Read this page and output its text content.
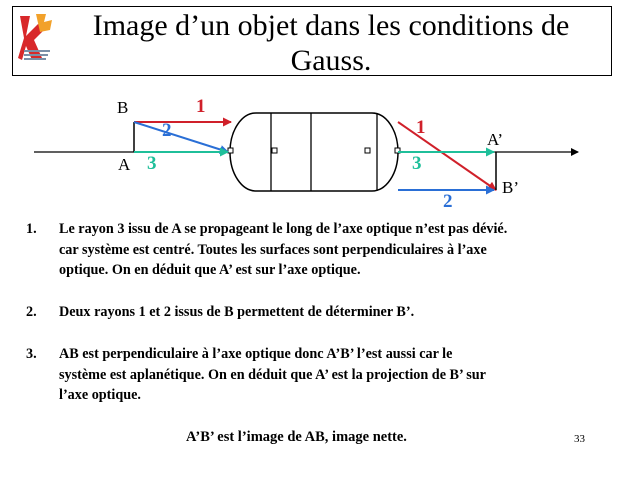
Image d’un objet dans les conditions de
Gauss.
B
A
A’
B’
1
2
3
1
3
2
1. Le rayon 3 issu de A se propageant le long de l’axe optique n’est pas dévié.
car système est centré. Toutes les surfaces sont perpendiculaires à l’axe
optique. On en déduit que A’ est sur l’axe optique.
2. Deux rayons 1 et 2 issus de B permettent de déterminer B’.
3. AB est perpendiculaire à l’axe optique donc A’B’ l’est aussi car le
système est aplanétique. On en déduit que A’ est la projection de B’ sur
l’axe optique.
A’B’ est l’image de AB, image nette.	33
